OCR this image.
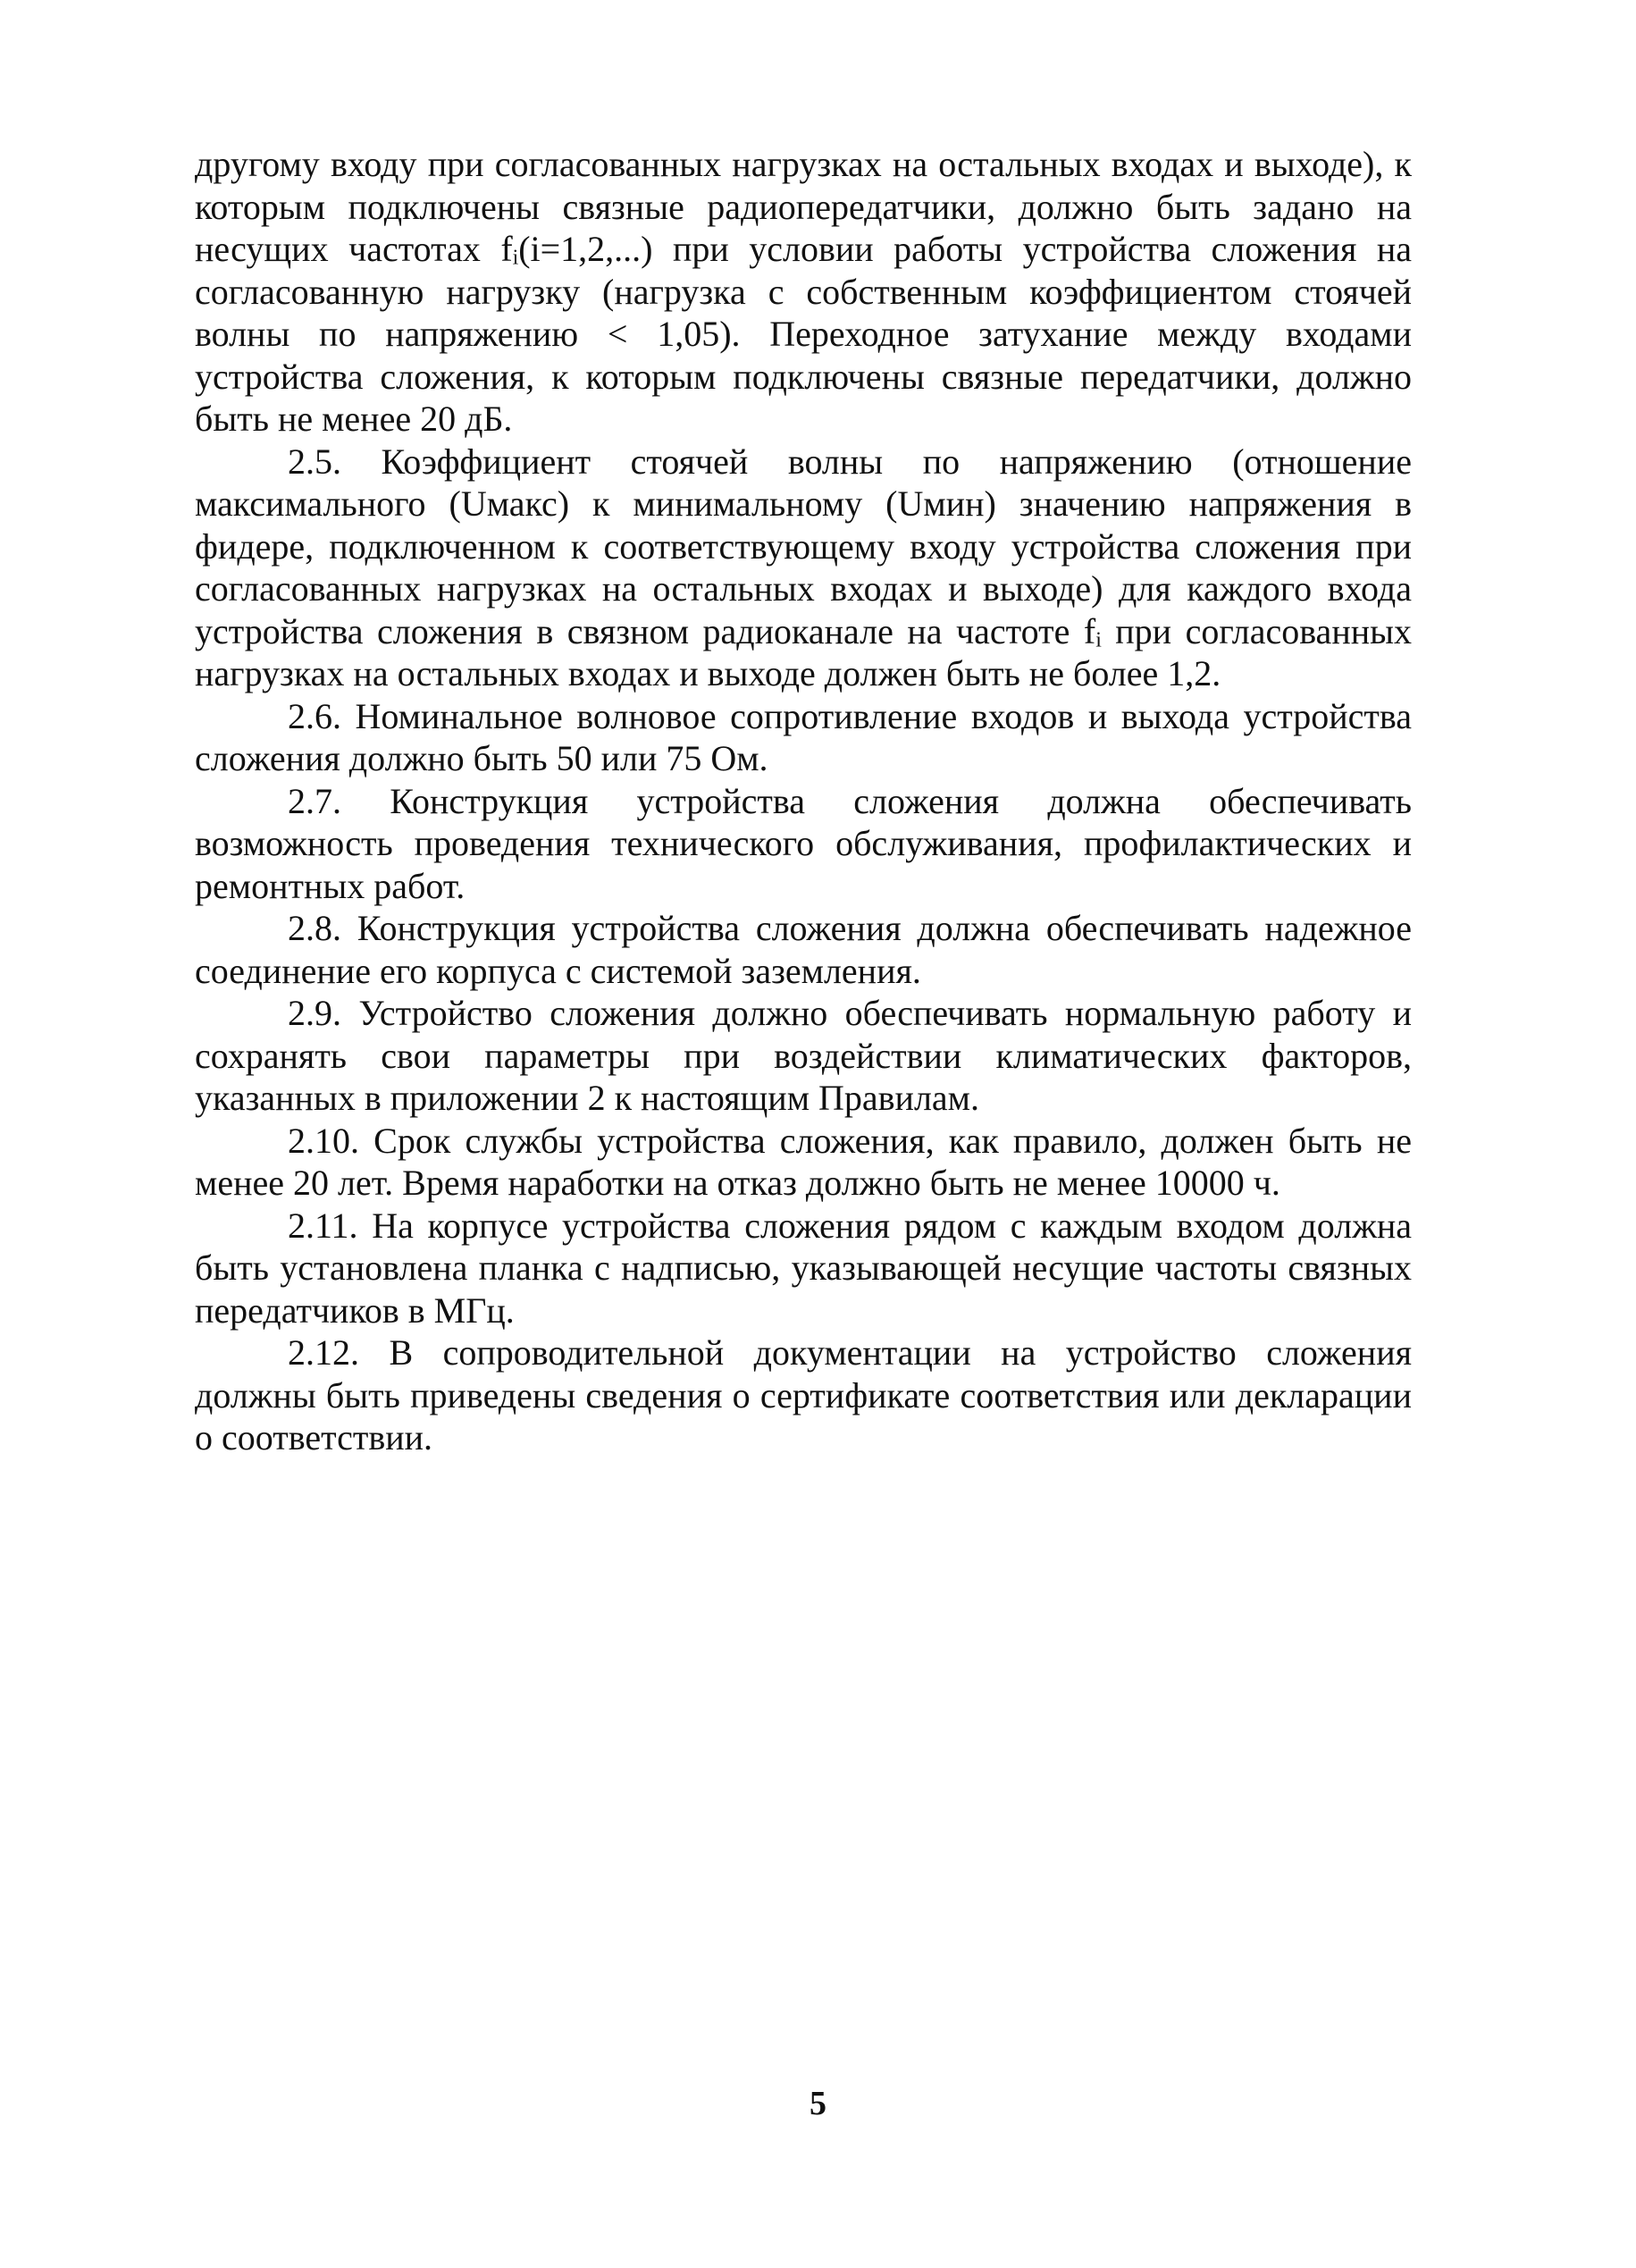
другому входу при согласованных нагрузках на остальных входах и выходе), к которым подключены связные радиопередатчики, должно быть задано на несущих частотах fᵢ(i=1,2,...) при условии работы устройства сложения на согласованную нагрузку (нагрузка с собственным коэффициентом стоячей волны по напряжению < 1,05). Переходное затухание между входами устройства сложения, к которым подключены связные передатчики, должно быть не менее 20 дБ.

2.5. Коэффициент стоячей волны по напряжению (отношение максимального (Uмакс) к минимальному (Uмин) значению напряжения в фидере, подключенном к соответствующему входу устройства сложения при согласованных нагрузках на остальных входах и выходе) для каждого входа устройства сложения в связном радиоканале на частоте fᵢ при согласованных нагрузках на остальных входах и выходе должен быть не более 1,2.

2.6. Номинальное волновое сопротивление входов и выхода устройства сложения должно быть 50 или 75 Ом.

2.7. Конструкция устройства сложения должна обеспечивать возможность проведения технического обслуживания, профилактических и ремонтных работ.

2.8. Конструкция устройства сложения должна обеспечивать надежное соединение его корпуса с системой заземления.

2.9. Устройство сложения должно обеспечивать нормальную работу и сохранять свои параметры при воздействии климатических факторов, указанных в приложении 2 к настоящим Правилам.

2.10. Срок службы устройства сложения, как правило, должен быть не менее 20 лет. Время наработки на отказ должно быть не менее 10000 ч.

2.11. На корпусе устройства сложения рядом с каждым входом должна быть установлена планка с надписью, указывающей несущие частоты связных передатчиков в МГц.

2.12. В сопроводительной документации на устройство сложения должны быть приведены сведения о сертификате соответствия или декларации о соответствии.

5
